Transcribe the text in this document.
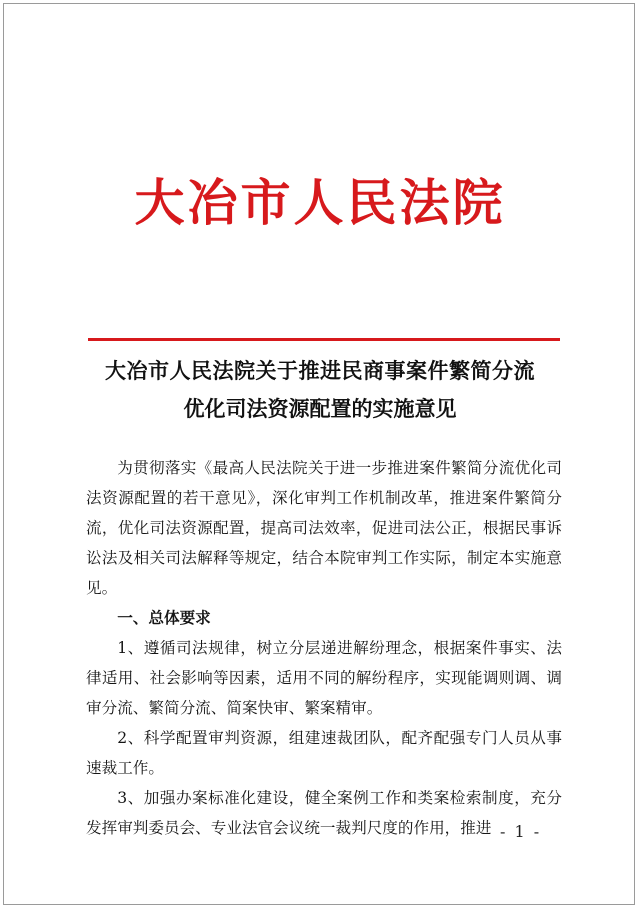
大冶市人民法院
大冶市人民法院关于推进民商事案件繁简分流
优化司法资源配置的实施意见

为贯彻落实《最高人民法院关于进一步推进案件繁简分流优化司法资源配置的若干意见》，深化审判工作机制改革，推进案件繁简分流，优化司法资源配置，提高司法效率，促进司法公正，根据民事诉讼法及相关司法解释等规定，结合本院审判工作实际，制定本实施意见。

一、总体要求

1、遵循司法规律，树立分层递进解纷理念，根据案件事实、法律适用、社会影响等因素，适用不同的解纷程序，实现能调则调、调审分流、繁简分流、简案快审、繁案精审。

2、科学配置审判资源，组建速裁团队，配齐配强专门人员从事速裁工作。

3、加强办案标准化建设，健全案例工作和类案检索制度，充分发挥审判委员会、专业法官会议统一裁判尺度的作用，推进 - 1 -
